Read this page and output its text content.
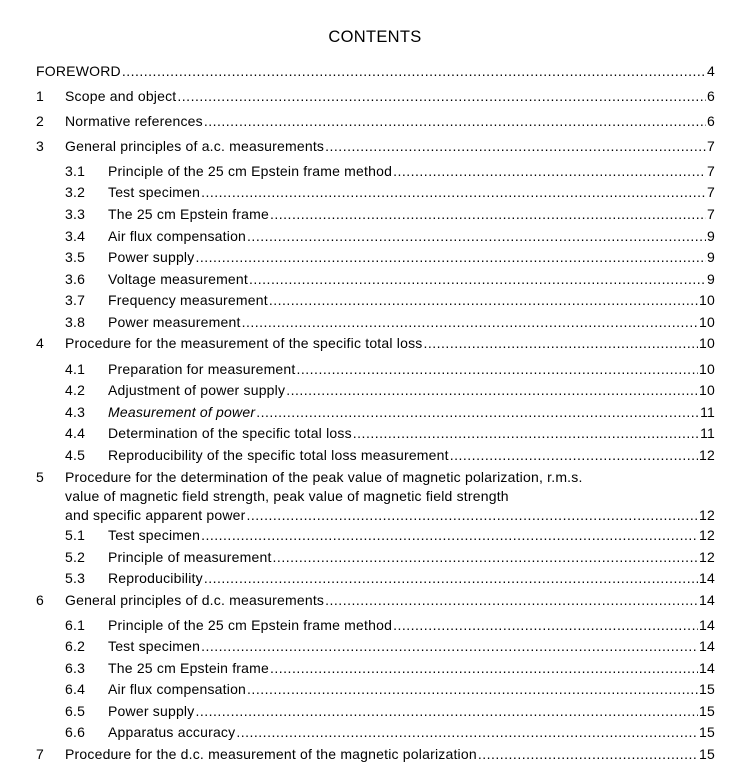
CONTENTS
FOREWORD .....	4
1 Scope and object .....	6
2 Normative references .....	6
3 General principles of a.c. measurements .....	7
3.1 Principle of the 25 cm Epstein frame method .....	7
3.2 Test specimen .....	7
3.3 The 25 cm Epstein frame .....	7
3.4 Air flux compensation .....	9
3.5 Power supply .....	9
3.6 Voltage measurement .....	9
3.7 Frequency measurement .....	10
3.8 Power measurement .....	10
4 Procedure for the measurement of the specific total loss .....	10
4.1 Preparation for measurement .....	10
4.2 Adjustment of power supply .....	10
4.3 Measurement of power .....	11
4.4 Determination of the specific total loss .....	11
4.5 Reproducibility of the specific total loss measurement .....	12
5 Procedure for the determination of the peak value of magnetic polarization, r.m.s.
value of magnetic field strength, peak value of magnetic field strength
and specific apparent power .....	12
5.1 Test specimen .....	12
5.2 Principle of measurement .....	12
5.3 Reproducibility .....	14
6 General principles of d.c. measurements .....	14
6.1 Principle of the 25 cm Epstein frame method .....	14
6.2 Test specimen .....	14
6.3 The 25 cm Epstein frame .....	14
6.4 Air flux compensation .....	15
6.5 Power supply .....	15
6.6 Apparatus accuracy .....	15
7 Procedure for the d.c. measurement of the magnetic polarization .....	15
